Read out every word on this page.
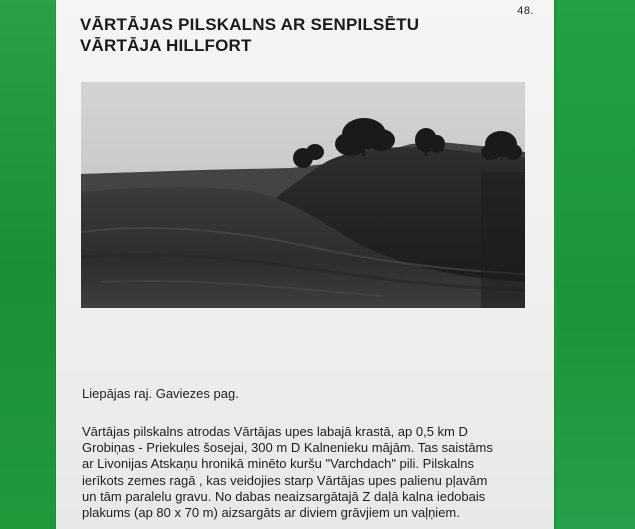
48.
VĀRTĀJAS PILSKALNS AR SENPILSĒTU
VĀRTĀJA HILLFORT
Liepājas raj. Gaviezes pag.
Vārtājas pilskalns atrodas Vārtājas upes labajā krastā, ap 0,5 km D
Grobiņas - Priekules šosejai, 300 m D Kalnenieku mājām. Tas saistāms
ar Livonijas Atskaņu hronikā minēto kuršu "Varchdach" pili. Pilskalns
ierīkots zemes ragā , kas veidojies starp Vārtājas upes palienu pļavām
un tām paralelu gravu. No dabas neaizsargātajā Z daļā kalna iedobais
plakums (ap 80 x 70 m) aizsargāts ar diviem grāvjiem un vaļņiem.
